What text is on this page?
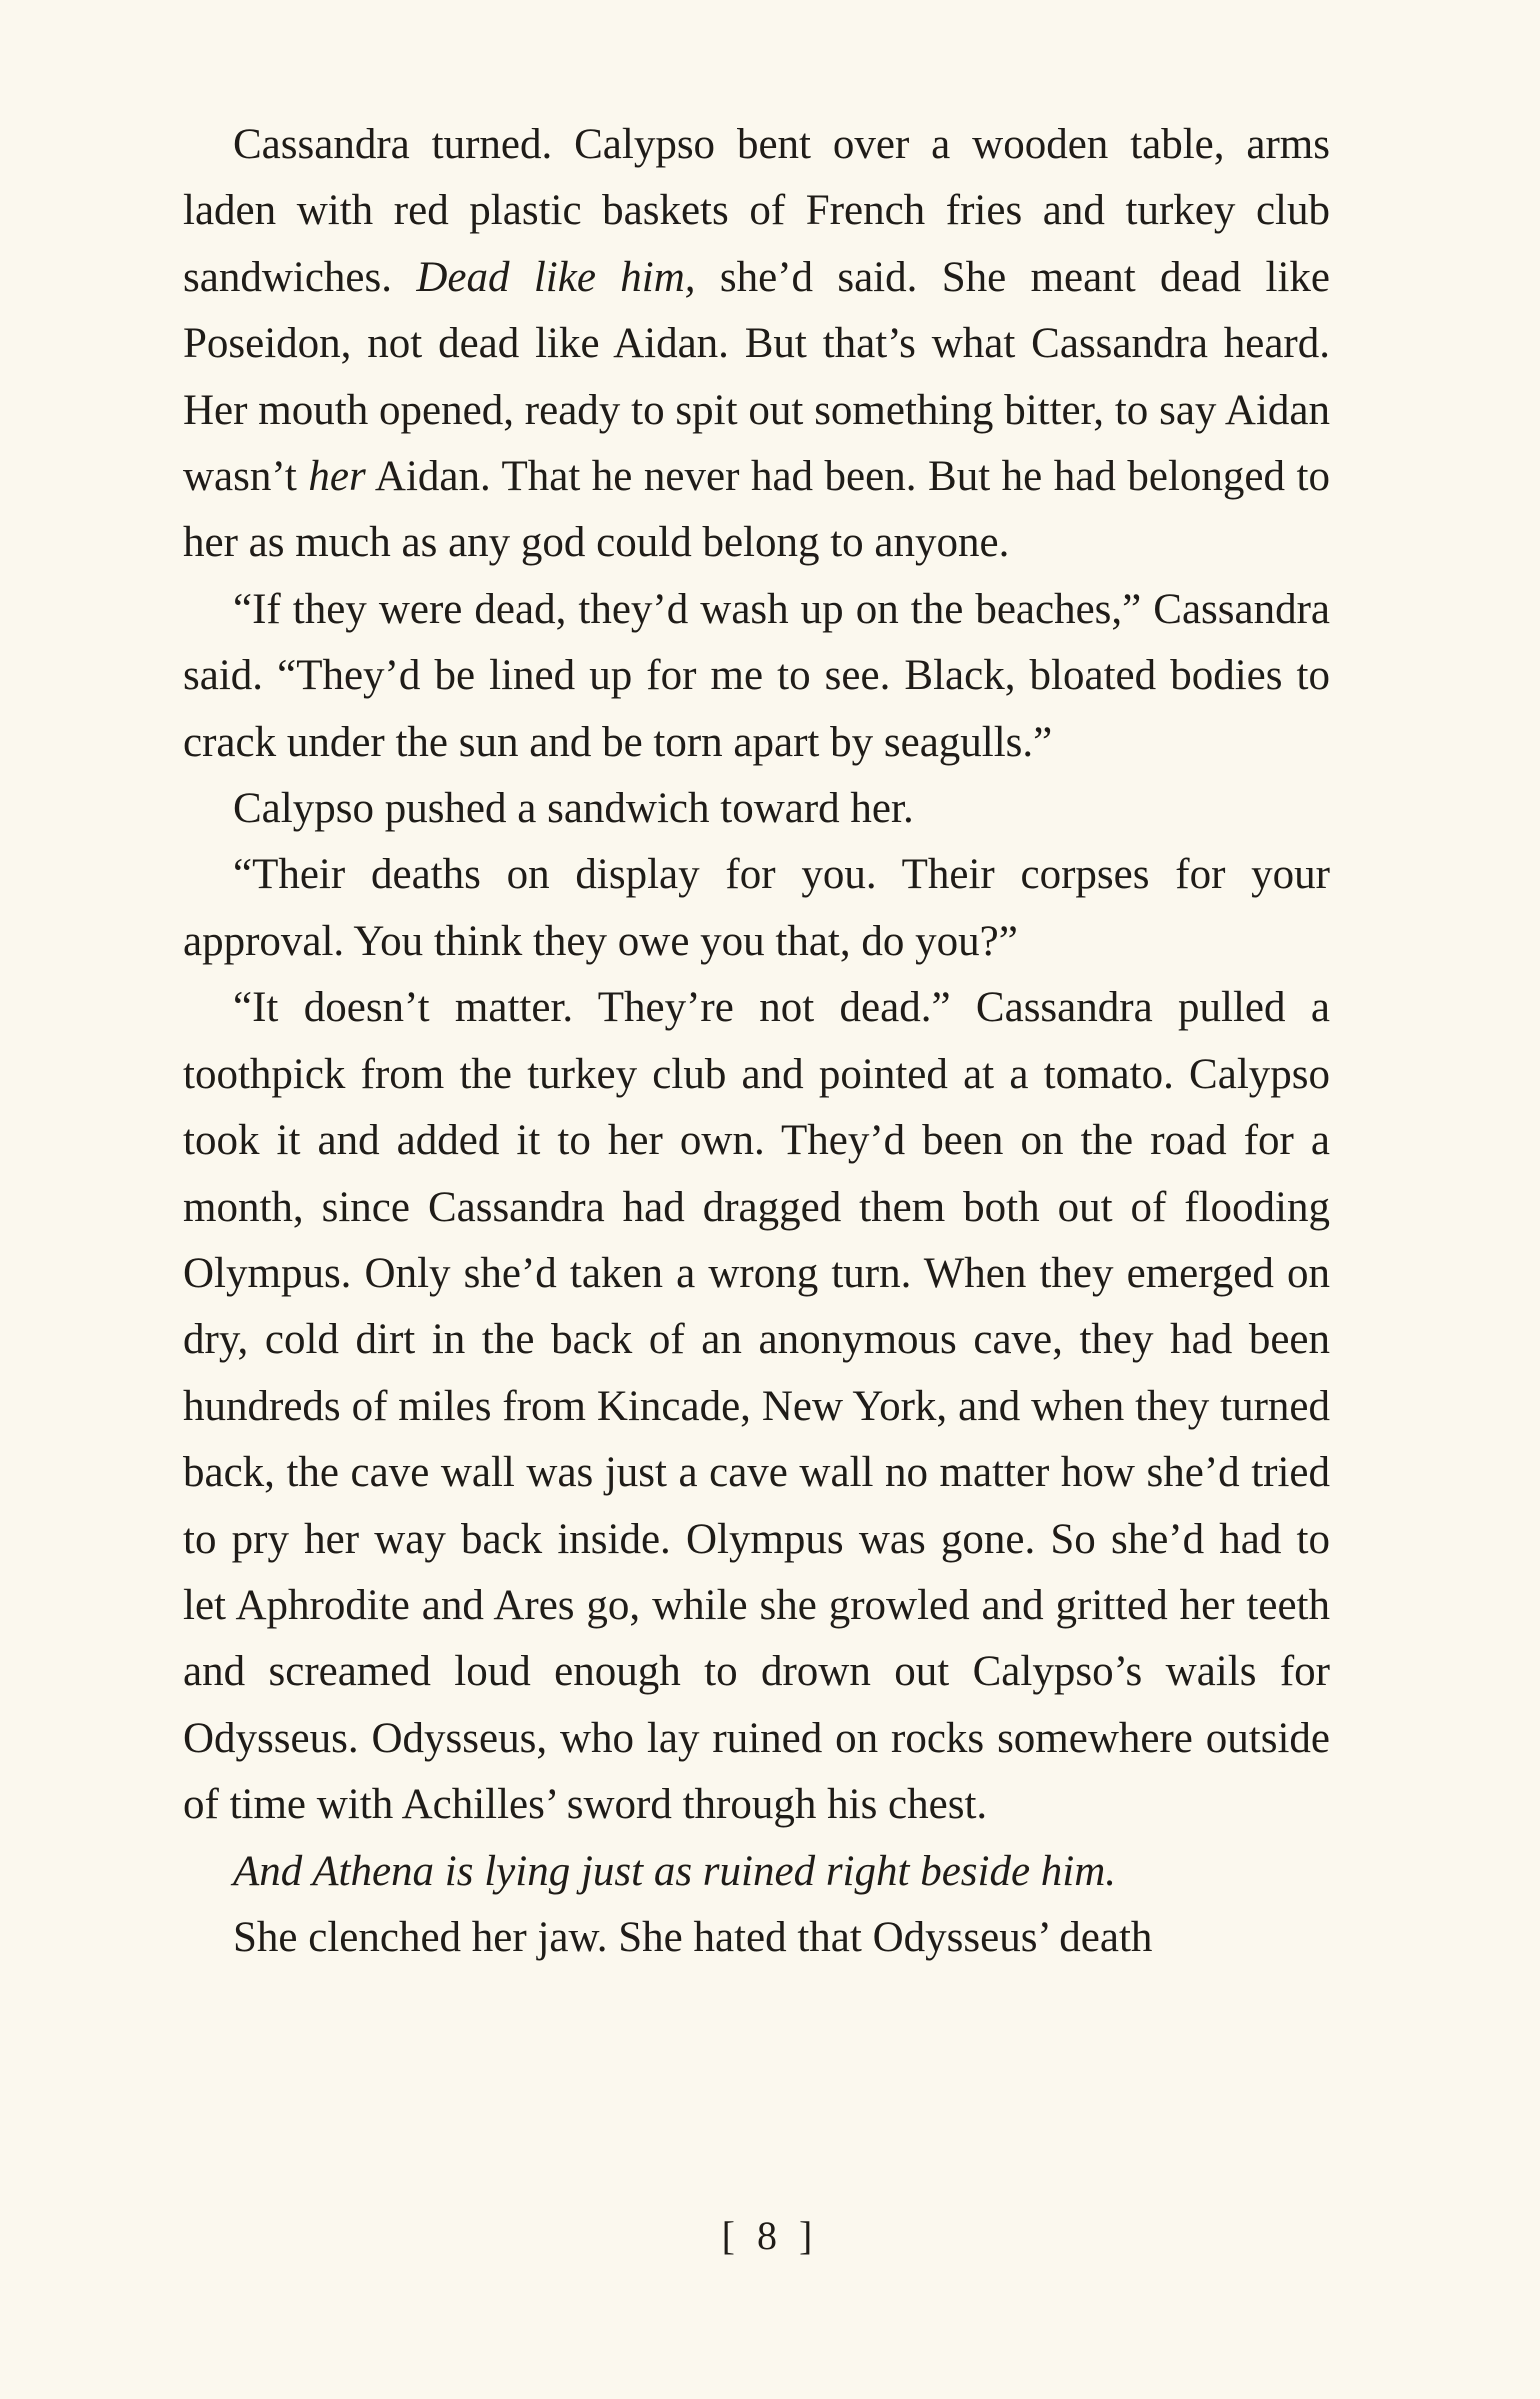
Cassandra turned. Calypso bent over a wooden table, arms laden with red plastic baskets of French fries and turkey club sandwiches. Dead like him, she’d said. She meant dead like Poseidon, not dead like Aidan. But that’s what Cassandra heard. Her mouth opened, ready to spit out something bitter, to say Aidan wasn’t her Aidan. That he never had been. But he had belonged to her as much as any god could belong to anyone.

“If they were dead, they’d wash up on the beaches,” Cassandra said. “They’d be lined up for me to see. Black, bloated bodies to crack under the sun and be torn apart by seagulls.”

Calypso pushed a sandwich toward her.

“Their deaths on display for you. Their corpses for your approval. You think they owe you that, do you?”

“It doesn’t matter. They’re not dead.” Cassandra pulled a toothpick from the turkey club and pointed at a tomato. Calypso took it and added it to her own. They’d been on the road for a month, since Cassandra had dragged them both out of flooding Olympus. Only she’d taken a wrong turn. When they emerged on dry, cold dirt in the back of an anonymous cave, they had been hundreds of miles from Kincade, New York, and when they turned back, the cave wall was just a cave wall no matter how she’d tried to pry her way back inside. Olympus was gone. So she’d had to let Aphrodite and Ares go, while she growled and gritted her teeth and screamed loud enough to drown out Calypso’s wails for Odysseus. Odysseus, who lay ruined on rocks somewhere outside of time with Achilles’ sword through his chest.

And Athena is lying just as ruined right beside him.

She clenched her jaw. She hated that Odysseus’ death

[ 8 ]
